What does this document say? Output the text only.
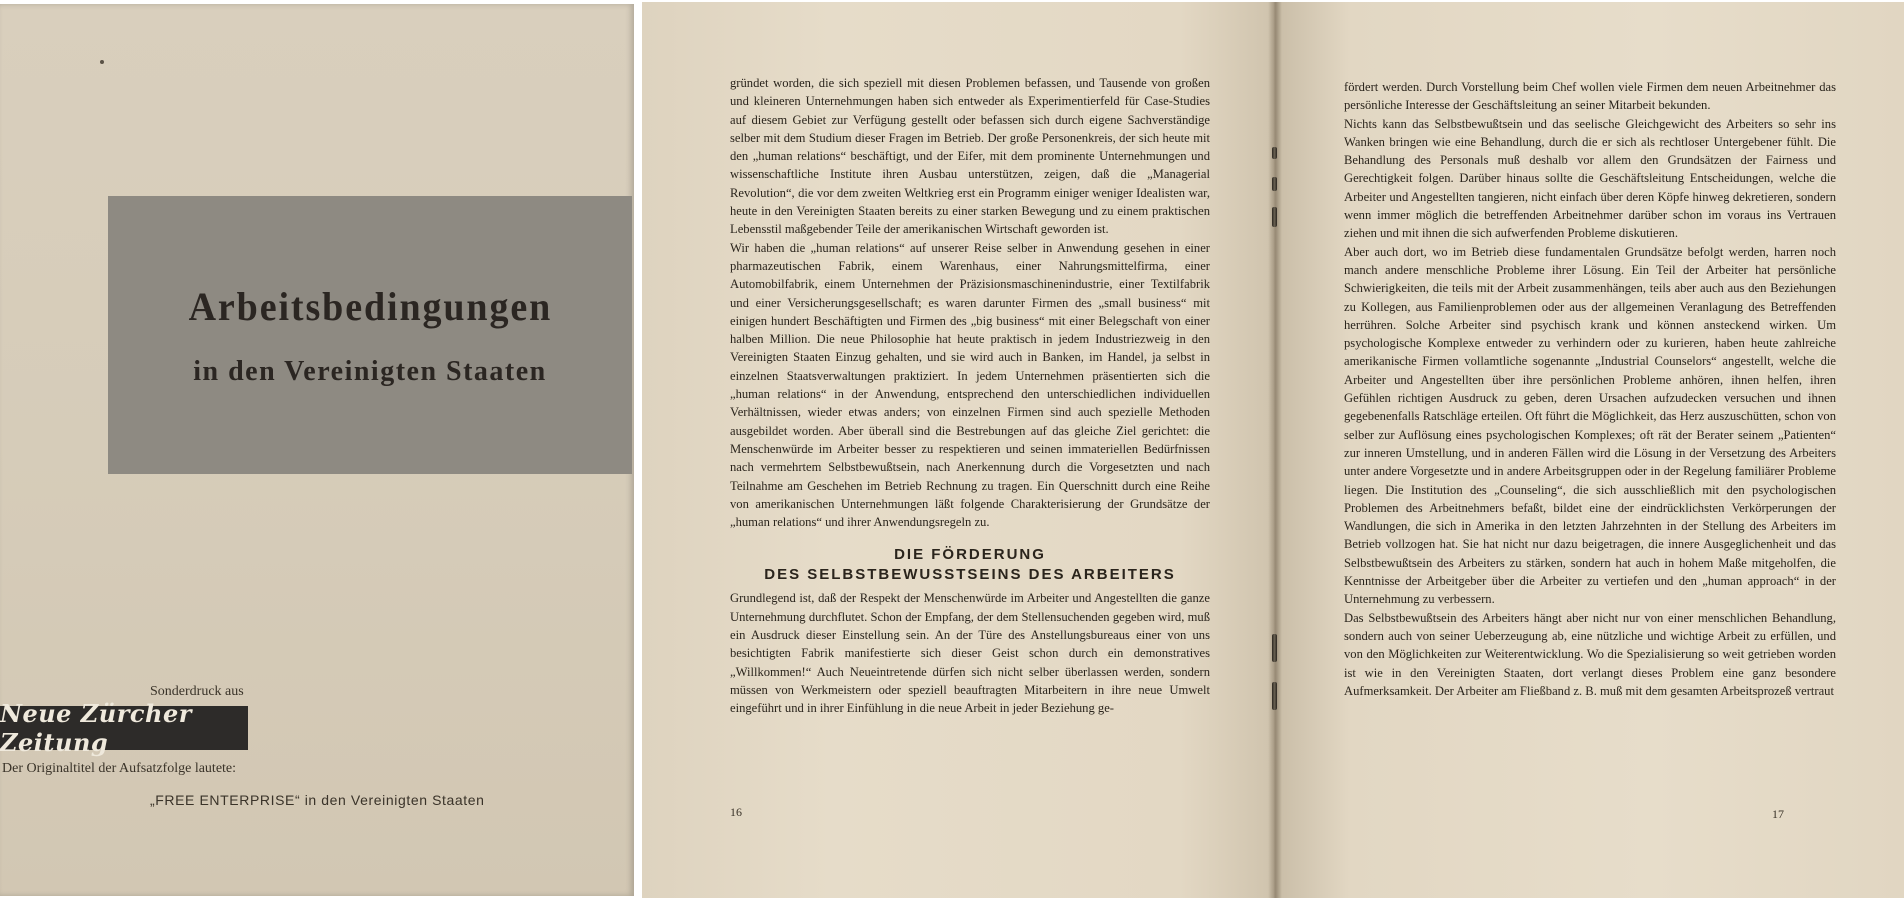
Arbeitsbedingungen
in den Vereinigten Staaten
Sonderdruck aus
Neue Zürcher Zeitung
Der Originaltitel der Aufsatzfolge lautete:
„FREE ENTERPRISE“ in den Vereinigten Staaten

gründet worden, die sich speziell mit diesen Problemen befassen, und Tausende von großen und kleineren Unternehmungen haben sich entweder als Experimentierfeld für Case-Studies auf diesem Gebiet zur Verfügung gestellt oder befassen sich durch eigene Sachverständige selber mit dem Studium dieser Fragen im Betrieb. Der große Personenkreis, der sich heute mit den „human relations“ beschäftigt, und der Eifer, mit dem prominente Unternehmungen und wissenschaftliche Institute ihren Ausbau unterstützen, zeigen, daß die „Managerial Revolution“, die vor dem zweiten Weltkrieg erst ein Programm einiger weniger Idealisten war, heute in den Vereinigten Staaten bereits zu einer starken Bewegung und zu einem praktischen Lebensstil maßgebender Teile der amerikanischen Wirtschaft geworden ist.

Wir haben die „human relations“ auf unserer Reise selber in Anwendung gesehen in einer pharmazeutischen Fabrik, einem Warenhaus, einer Nahrungsmittelfirma, einer Automobilfabrik, einem Unternehmen der Präzisionsmaschinenindustrie, einer Textilfabrik und einer Versicherungsgesellschaft; es waren darunter Firmen des „small business“ mit einigen hundert Beschäftigten und Firmen des „big business“ mit einer Belegschaft von einer halben Million. Die neue Philosophie hat heute praktisch in jedem Industriezweig in den Vereinigten Staaten Einzug gehalten, und sie wird auch in Banken, im Handel, ja selbst in einzelnen Staatsverwaltungen praktiziert. In jedem Unternehmen präsentierten sich die „human relations“ in der Anwendung, entsprechend den unterschiedlichen individuellen Verhältnissen, wieder etwas anders; von einzelnen Firmen sind auch spezielle Methoden ausgebildet worden. Aber überall sind die Bestrebungen auf das gleiche Ziel gerichtet: die Menschenwürde im Arbeiter besser zu respektieren und seinen immateriellen Bedürfnissen nach vermehrtem Selbstbewußtsein, nach Anerkennung durch die Vorgesetzten und nach Teilnahme am Geschehen im Betrieb Rechnung zu tragen. Ein Querschnitt durch eine Reihe von amerikanischen Unternehmungen läßt folgende Charakterisierung der Grundsätze der „human relations“ und ihrer Anwendungsregeln zu.

DIE FÖRDERUNG

DES SELBSTBEWUSSTSEINS DES ARBEITERS

Grundlegend ist, daß der Respekt der Menschenwürde im Arbeiter und Angestellten die ganze Unternehmung durchflutet. Schon der Empfang, der dem Stellensuchenden gegeben wird, muß ein Ausdruck dieser Einstellung sein. An der Türe des Anstellungsbureaus einer von uns besichtigten Fabrik manifestierte sich dieser Geist schon durch ein demonstratives „Willkommen!“ Auch Neueintretende dürfen sich nicht selber überlassen werden, sondern müssen von Werkmeistern oder speziell beauftragten Mitarbeitern in ihre neue Umwelt eingeführt und in ihrer Einfühlung in die neue Arbeit in jeder Beziehung ge-

16

fördert werden. Durch Vorstellung beim Chef wollen viele Firmen dem neuen Arbeitnehmer das persönliche Interesse der Geschäftsleitung an seiner Mitarbeit bekunden.

Nichts kann das Selbstbewußtsein und das seelische Gleichgewicht des Arbeiters so sehr ins Wanken bringen wie eine Behandlung, durch die er sich als rechtloser Untergebener fühlt. Die Behandlung des Personals muß deshalb vor allem den Grundsätzen der Fairness und Gerechtigkeit folgen. Darüber hinaus sollte die Geschäftsleitung Entscheidungen, welche die Arbeiter und Angestellten tangieren, nicht einfach über deren Köpfe hinweg dekretieren, sondern wenn immer möglich die betreffenden Arbeitnehmer darüber schon im voraus ins Vertrauen ziehen und mit ihnen die sich aufwerfenden Probleme diskutieren.

Aber auch dort, wo im Betrieb diese fundamentalen Grundsätze befolgt werden, harren noch manch andere menschliche Probleme ihrer Lösung. Ein Teil der Arbeiter hat persönliche Schwierigkeiten, die teils mit der Arbeit zusammenhängen, teils aber auch aus den Beziehungen zu Kollegen, aus Familienproblemen oder aus der allgemeinen Veranlagung des Betreffenden herrühren. Solche Arbeiter sind psychisch krank und können ansteckend wirken. Um psychologische Komplexe entweder zu verhindern oder zu kurieren, haben heute zahlreiche amerikanische Firmen vollamtliche sogenannte „Industrial Counselors“ angestellt, welche die Arbeiter und Angestellten über ihre persönlichen Probleme anhören, ihnen helfen, ihren Gefühlen richtigen Ausdruck zu geben, deren Ursachen aufzudecken versuchen und ihnen gegebenenfalls Ratschläge erteilen. Oft führt die Möglichkeit, das Herz auszuschütten, schon von selber zur Auflösung eines psychologischen Komplexes; oft rät der Berater seinem „Patienten“ zur inneren Umstellung, und in anderen Fällen wird die Lösung in der Versetzung des Arbeiters unter andere Vorgesetzte und in andere Arbeitsgruppen oder in der Regelung familiärer Probleme liegen. Die Institution des „Counseling“, die sich ausschließlich mit den psychologischen Problemen des Arbeitnehmers befaßt, bildet eine der eindrücklichsten Verkörperungen der Wandlungen, die sich in Amerika in den letzten Jahrzehnten in der Stellung des Arbeiters im Betrieb vollzogen hat. Sie hat nicht nur dazu beigetragen, die innere Ausgeglichenheit und das Selbstbewußtsein des Arbeiters zu stärken, sondern hat auch in hohem Maße mitgeholfen, die Kenntnisse der Arbeitgeber über die Arbeiter zu vertiefen und den „human approach“ in der Unternehmung zu verbessern.

Das Selbstbewußtsein des Arbeiters hängt aber nicht nur von einer menschlichen Behandlung, sondern auch von seiner Ueberzeugung ab, eine nützliche und wichtige Arbeit zu erfüllen, und von den Möglichkeiten zur Weiterentwicklung. Wo die Spezialisierung so weit getrieben worden ist wie in den Vereinigten Staaten, dort verlangt dieses Problem eine ganz besondere Aufmerksamkeit. Der Arbeiter am Fließband z. B. muß mit dem gesamten Arbeitsprozeß vertraut

17
